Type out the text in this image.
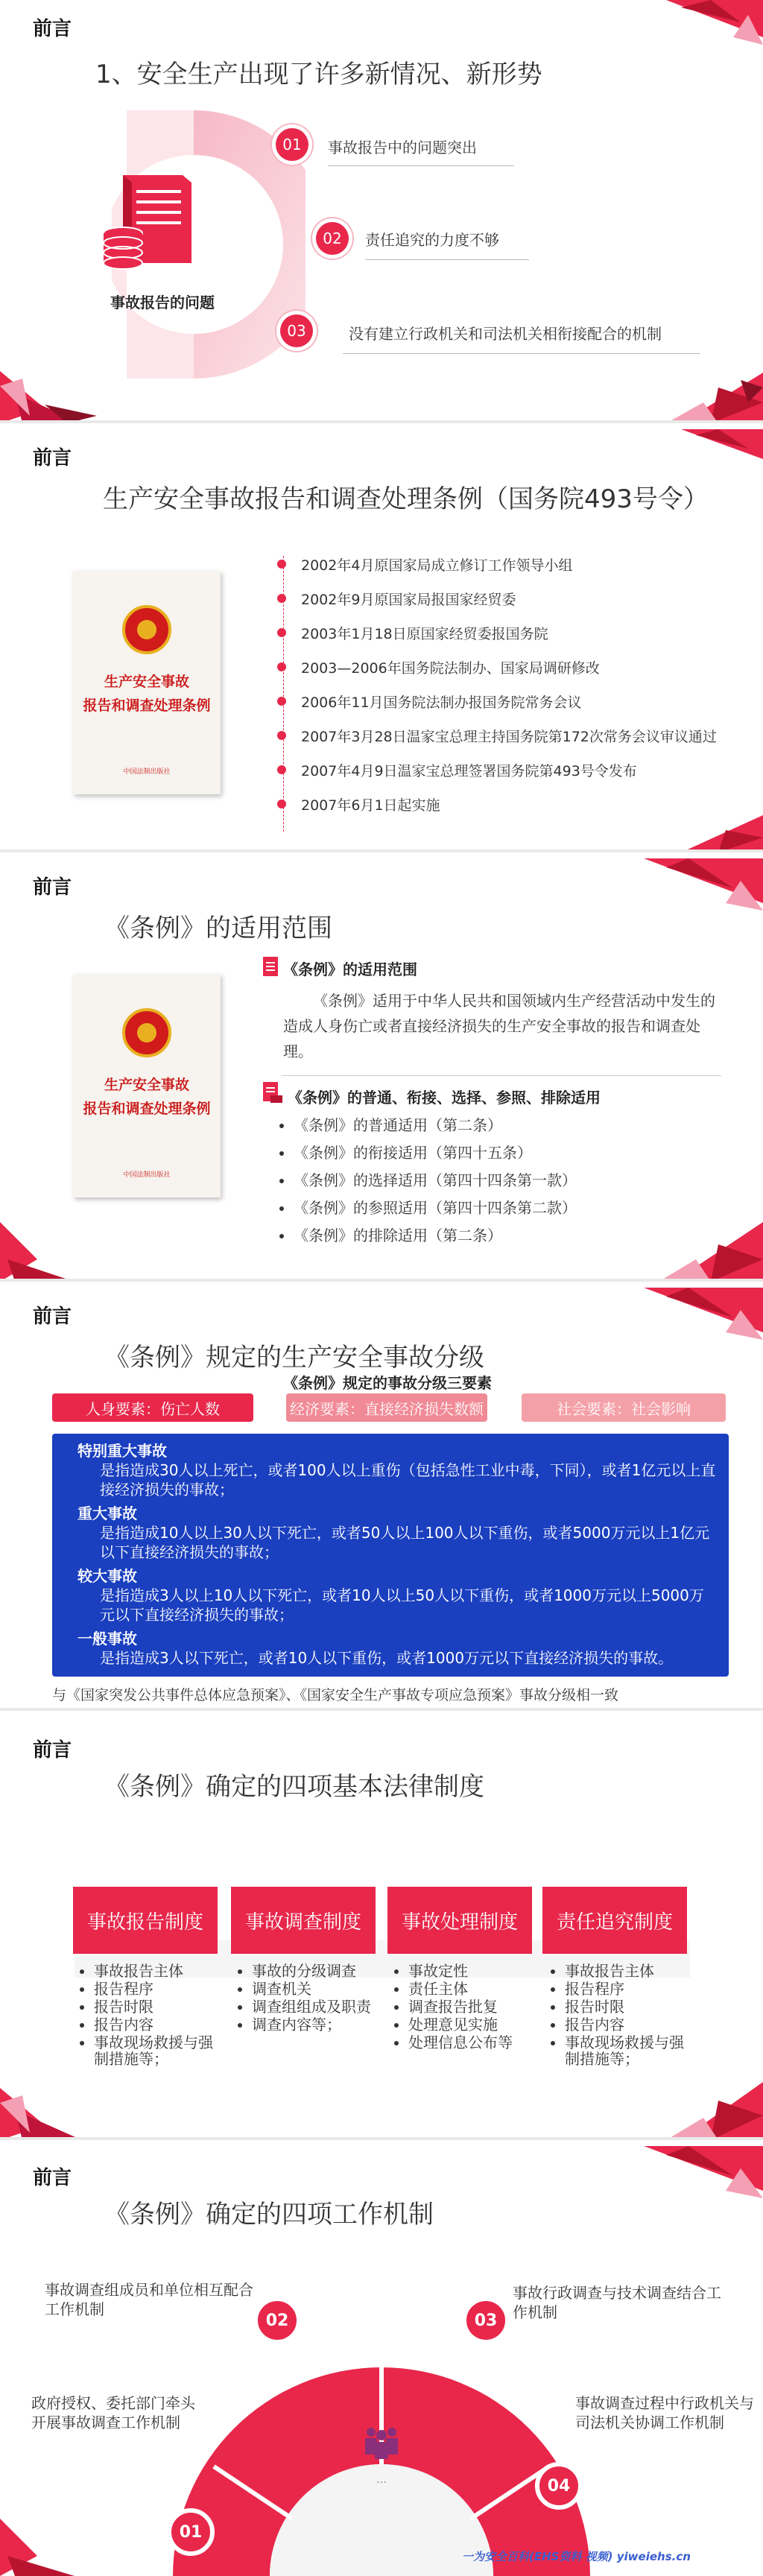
前言
1、安全生产出现了许多新情况、新形势
事故报告的问题
01	事故报告中的问题突出
02	责任追究的力度不够
03	没有建立行政机关和司法机关相衔接配合的机制
前言
生产安全事故报告和调查处理条例（国务院493号令）
生产安全事故
报告和调查处理条例
中国法制出版社
2002年4月原国家局成立修订工作领导小组
2002年9月原国家局报国家经贸委
2003年1月18日原国家经贸委报国务院
2003—2006年国务院法制办、国家局调研修改
2006年11月国务院法制办报国务院常务会议
2007年3月28日温家宝总理主持国务院第172次常务会议审议通过
2007年4月9日温家宝总理签署国务院第493号令发布
2007年6月1日起实施
前言
《条例》的适用范围
生产安全事故
报告和调查处理条例
中国法制出版社
《条例》的适用范围
《条例》适用于中华人民共和国领域内生产经营活动中发生的造成人身伤亡或者直接经济损失的生产安全事故的报告和调查处理。
《条例》的普通、衔接、选择、参照、排除适用
• 《条例》的普通适用（第二条）
• 《条例》的衔接适用（第四十五条）
• 《条例》的选择适用（第四十四条第一款）
• 《条例》的参照适用（第四十四条第二款）
• 《条例》的排除适用（第二条）
前言
《条例》规定的生产安全事故分级
《条例》规定的事故分级三要素
人身要素：伤亡人数	经济要素：直接经济损失数额	社会要素：社会影响
特别重大事故
是指造成30人以上死亡，或者100人以上重伤（包括急性工业中毒，下同），或者1亿元以上直接经济损失的事故；
重大事故
是指造成10人以上30人以下死亡，或者50人以上100人以下重伤，或者5000万元以上1亿元以下直接经济损失的事故；
较大事故
是指造成3人以上10人以下死亡，或者10人以上50人以下重伤，或者1000万元以上5000万元以下直接经济损失的事故；
一般事故
是指造成3人以下死亡，或者10人以下重伤，或者1000万元以下直接经济损失的事故。
与《国家突发公共事件总体应急预案》、《国家安全生产事故专项应急预案》事故分级相一致
前言
《条例》确定的四项基本法律制度
事故报告制度
• 事故报告主体
• 报告程序
• 报告时限
• 报告内容
• 事故现场救援与强制措施等；
事故调查制度
• 事故的分级调查
• 调查机关
• 调查组组成及职责
• 调查内容等；
事故处理制度
• 事故定性
• 责任主体
• 调查报告批复
• 处理意见实施
• 处理信息公布等
责任追究制度
• 事故报告主体
• 报告程序
• 报告时限
• 报告内容
• 事故现场救援与强制措施等；
前言
《条例》确定的四项工作机制
…
01
政府授权、委托部门牵头开展事故调查工作机制
02
事故调查组成员和单位相互配合工作机制
03
事故行政调查与技术调查结合工作机制
04
事故调查过程中行政机关与司法机关协调工作机制
一为安全百科(EHS资料 视频) yiweiehs.cn
